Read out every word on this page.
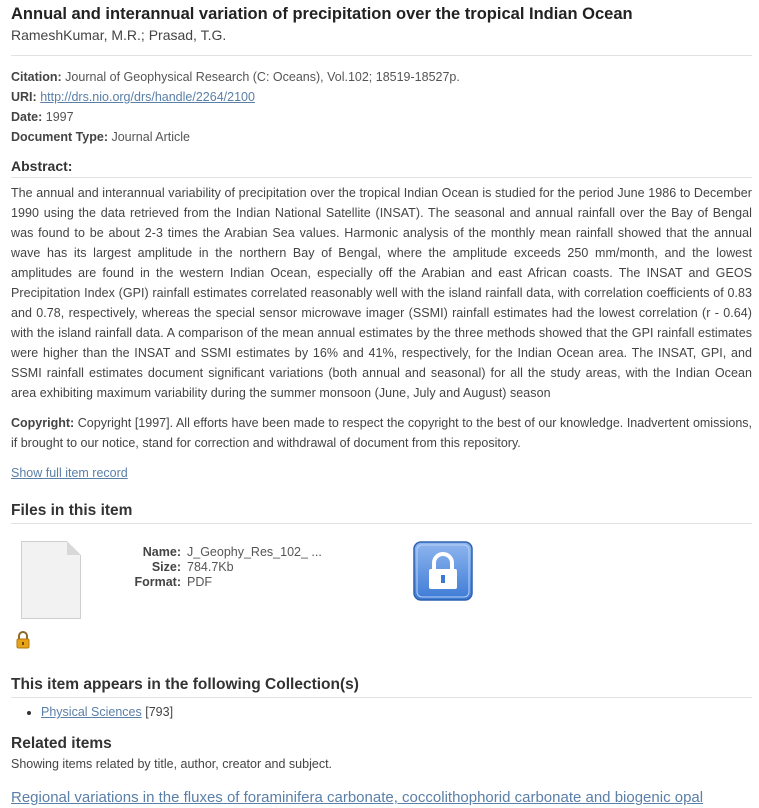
Annual and interannual variation of precipitation over the tropical Indian Ocean
RameshKumar, M.R.; Prasad, T.G.
Citation: Journal of Geophysical Research (C: Oceans), Vol.102; 18519-18527p.
URI: http://drs.nio.org/drs/handle/2264/2100
Date: 1997
Document Type: Journal Article
Abstract:
The annual and interannual variability of precipitation over the tropical Indian Ocean is studied for the period June 1986 to December 1990 using the data retrieved from the Indian National Satellite (INSAT). The seasonal and annual rainfall over the Bay of Bengal was found to be about 2-3 times the Arabian Sea values. Harmonic analysis of the monthly mean rainfall showed that the annual wave has its largest amplitude in the northern Bay of Bengal, where the amplitude exceeds 250 mm/month, and the lowest amplitudes are found in the western Indian Ocean, especially off the Arabian and east African coasts. The INSAT and GEOS Precipitation Index (GPI) rainfall estimates correlated reasonably well with the island rainfall data, with correlation coefficients of 0.83 and 0.78, respectively, whereas the special sensor microwave imager (SSMI) rainfall estimates had the lowest correlation (r - 0.64) with the island rainfall data. A comparison of the mean annual estimates by the three methods showed that the GPI rainfall estimates were higher than the INSAT and SSMI estimates by 16% and 41%, respectively, for the Indian Ocean area. The INSAT, GPI, and SSMI rainfall estimates document significant variations (both annual and seasonal) for all the study areas, with the Indian Ocean area exhibiting maximum variability during the summer monsoon (June, July and August) season
Copyright: Copyright [1997]. All efforts have been made to respect the copyright to the best of our knowledge. Inadvertent omissions, if brought to our notice, stand for correction and withdrawal of document from this repository.
Show full item record
Files in this item
Name: J_Geophy_Res_102_ ...
Size: 784.7Kb
Format: PDF
This item appears in the following Collection(s)
• Physical Sciences [793]
Related items
Showing items related by title, author, creator and subject.
Regional variations in the fluxes of foraminifera carbonate, coccolithophorid carbonate and biogenic opal
